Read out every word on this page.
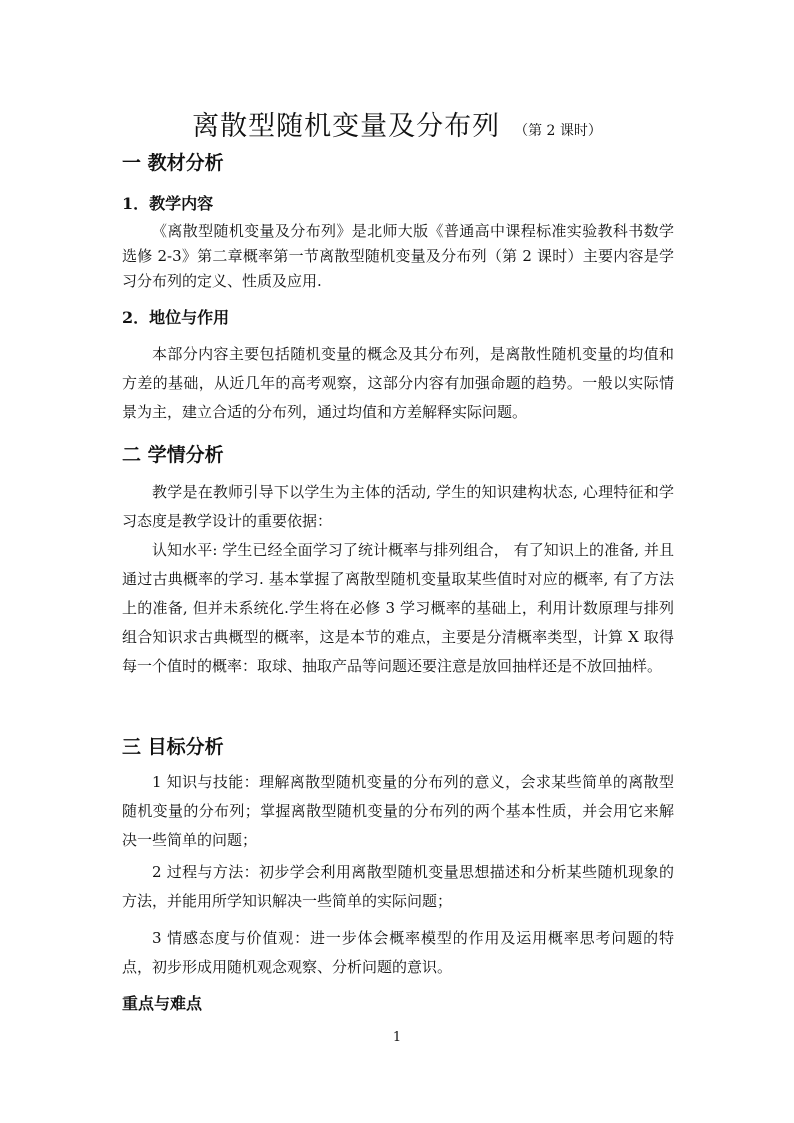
离散型随机变量及分布列 （第 2 课时）
一 教材分析
1．教学内容
《离散型随机变量及分布列》是北师大版《普通高中课程标准实验教科书数学选修 2-3》第二章概率第一节离散型随机变量及分布列（第 2 课时）主要内容是学习分布列的定义、性质及应用.
2．地位与作用
本部分内容主要包括随机变量的概念及其分布列，是离散性随机变量的均值和方差的基础，从近几年的高考观察，这部分内容有加强命题的趋势。一般以实际情景为主，建立合适的分布列，通过均值和方差解释实际问题。
二 学情分析
教学是在教师引导下以学生为主体的活动, 学生的知识建构状态, 心理特征和学习态度是教学设计的重要依据：
认知水平: 学生已经全面学习了统计概率与排列组合， 有了知识上的准备, 并且通过古典概率的学习. 基本掌握了离散型随机变量取某些值时对应的概率, 有了方法上的准备, 但并未系统化.学生将在必修 3 学习概率的基础上，利用计数原理与排列组合知识求古典概型的概率，这是本节的难点，主要是分清概率类型，计算 X 取得每一个值时的概率：取球、抽取产品等问题还要注意是放回抽样还是不放回抽样。
三 目标分析
1 知识与技能：理解离散型随机变量的分布列的意义，会求某些简单的离散型随机变量的分布列；掌握离散型随机变量的分布列的两个基本性质，并会用它来解决一些简单的问题；
2 过程与方法：初步学会利用离散型随机变量思想描述和分析某些随机现象的方法，并能用所学知识解决一些简单的实际问题；
3 情感态度与价值观：进一步体会概率模型的作用及运用概率思考问题的特点，初步形成用随机观念观察、分析问题的意识。
重点与难点
1
